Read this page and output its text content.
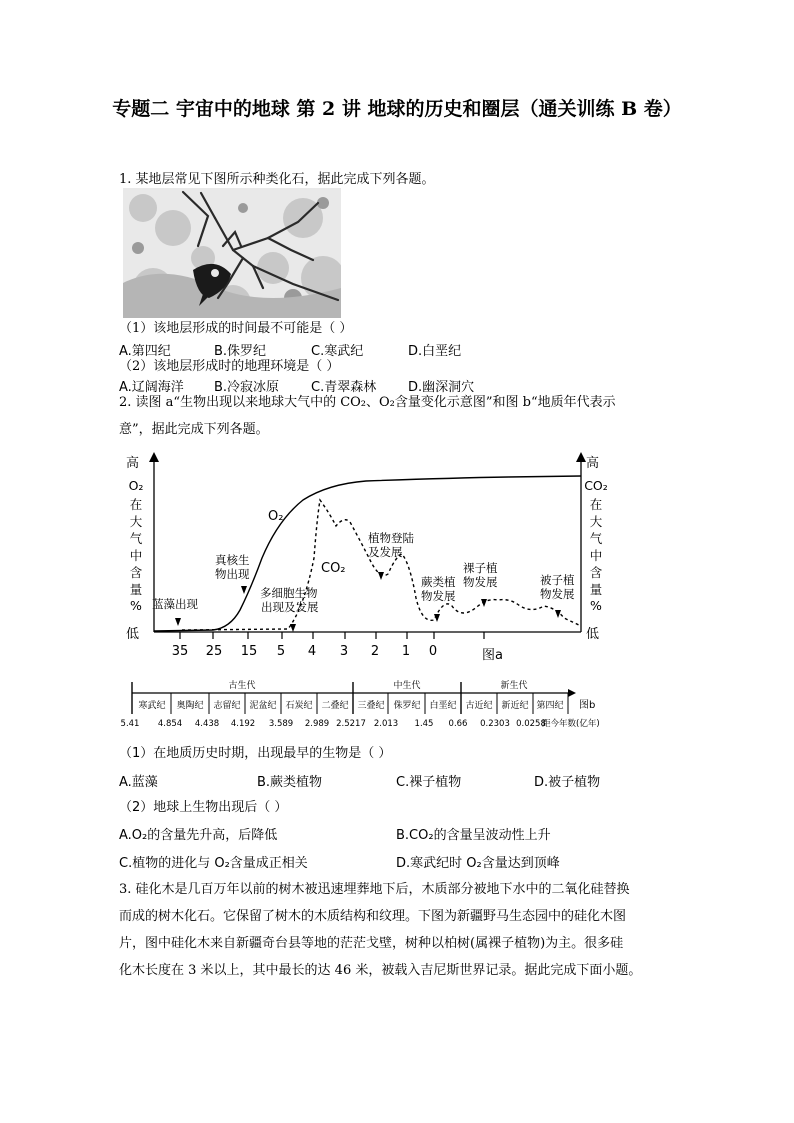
专题二 宇宙中的地球 第 2 讲 地球的历史和圈层（通关训练 B 卷）
1. 某地层常见下图所示种类化石，据此完成下列各题。
（1）该地层形成的时间最不可能是（ ）
A.第四纪	B.侏罗纪	C.寒武纪	D.白垩纪
（2）该地层形成时的地理环境是（ ）
A.辽阔海洋 B.冷寂冰原 C.青翠森林 D.幽深洞穴
2. 读图 a“生物出现以来地球大气中的 CO₂、O₂含量变化示意图”和图 b“地质年代表示
意”，据此完成下列各题。
高
低
高
低
O₂
在
大
气
中
含
量
%
CO₂
在
大
气
中
含
量
%
O₂
CO₂
蓝藻出现
真核生
物出现
多细胞生物
出现及发展
植物登陆
及发展
蕨类植
物发展
裸子植
物发展	被子植
物发展
35 25 15 5 4 3 2 1 0	图a
古生代	中生代	新生代
寒武纪 奥陶纪 志留纪 泥盆纪 石炭纪 二叠纪 三叠纪 侏罗纪 白垩纪 古近纪 新近纪 第四纪 图b
5.41 4.854 4.438 4.192 3.589 2.989 2.5217 2.013 1.45 0.66 0.2303 0.0258
距今年数(亿年)
（1）在地质历史时期，出现最早的生物是（ ）
A.蓝藻	B.蕨类植物	C.裸子植物	D.被子植物
（2）地球上生物出现后（ ）
A.O₂的含量先升高，后降低	B.CO₂的含量呈波动性上升
C.植物的进化与 O₂含量成正相关	D.寒武纪时 O₂含量达到顶峰
3. 硅化木是几百万年以前的树木被迅速埋葬地下后，木质部分被地下水中的二氧化硅替换
而成的树木化石。它保留了树木的木质结构和纹理。下图为新疆野马生态园中的硅化木图
片，图中硅化木来自新疆奇台县等地的茫茫戈壁，树种以柏树(属裸子植物)为主。很多硅
化木长度在 3 米以上，其中最长的达 46 米，被载入吉尼斯世界记录。据此完成下面小题。
